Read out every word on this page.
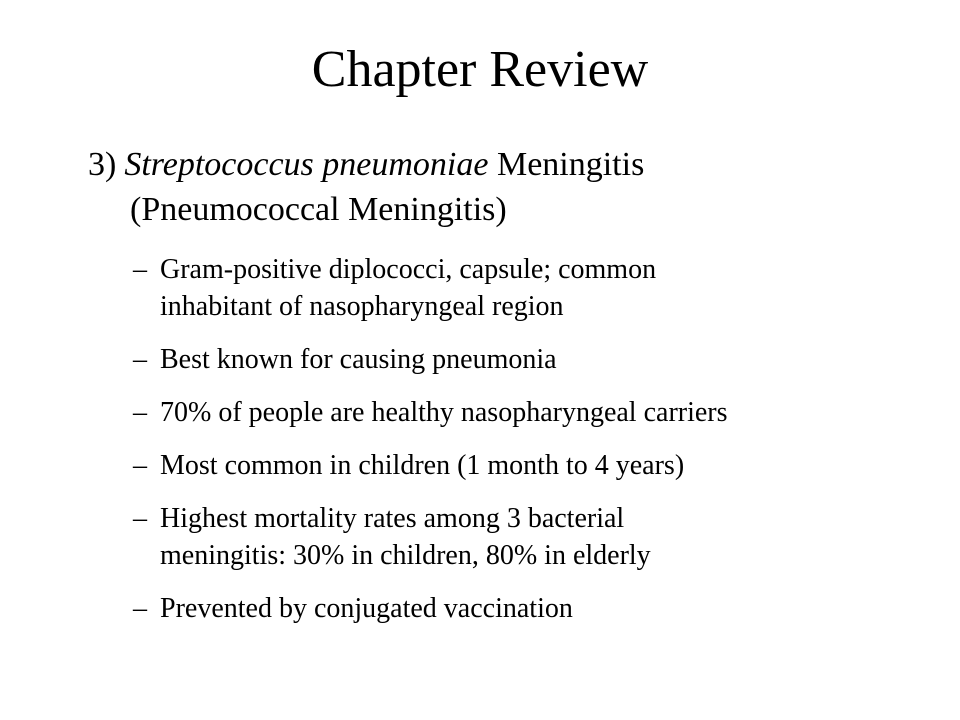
Chapter Review
3) Streptococcus pneumoniae Meningitis
(Pneumococcal Meningitis)
– Gram-positive diplococci, capsule; common
inhabitant of nasopharyngeal region
– Best known for causing pneumonia
– 70% of people are healthy nasopharyngeal carriers
– Most common in children (1 month to 4 years)
– Highest mortality rates among 3 bacterial
meningitis: 30% in children, 80% in elderly
– Prevented by conjugated vaccination
